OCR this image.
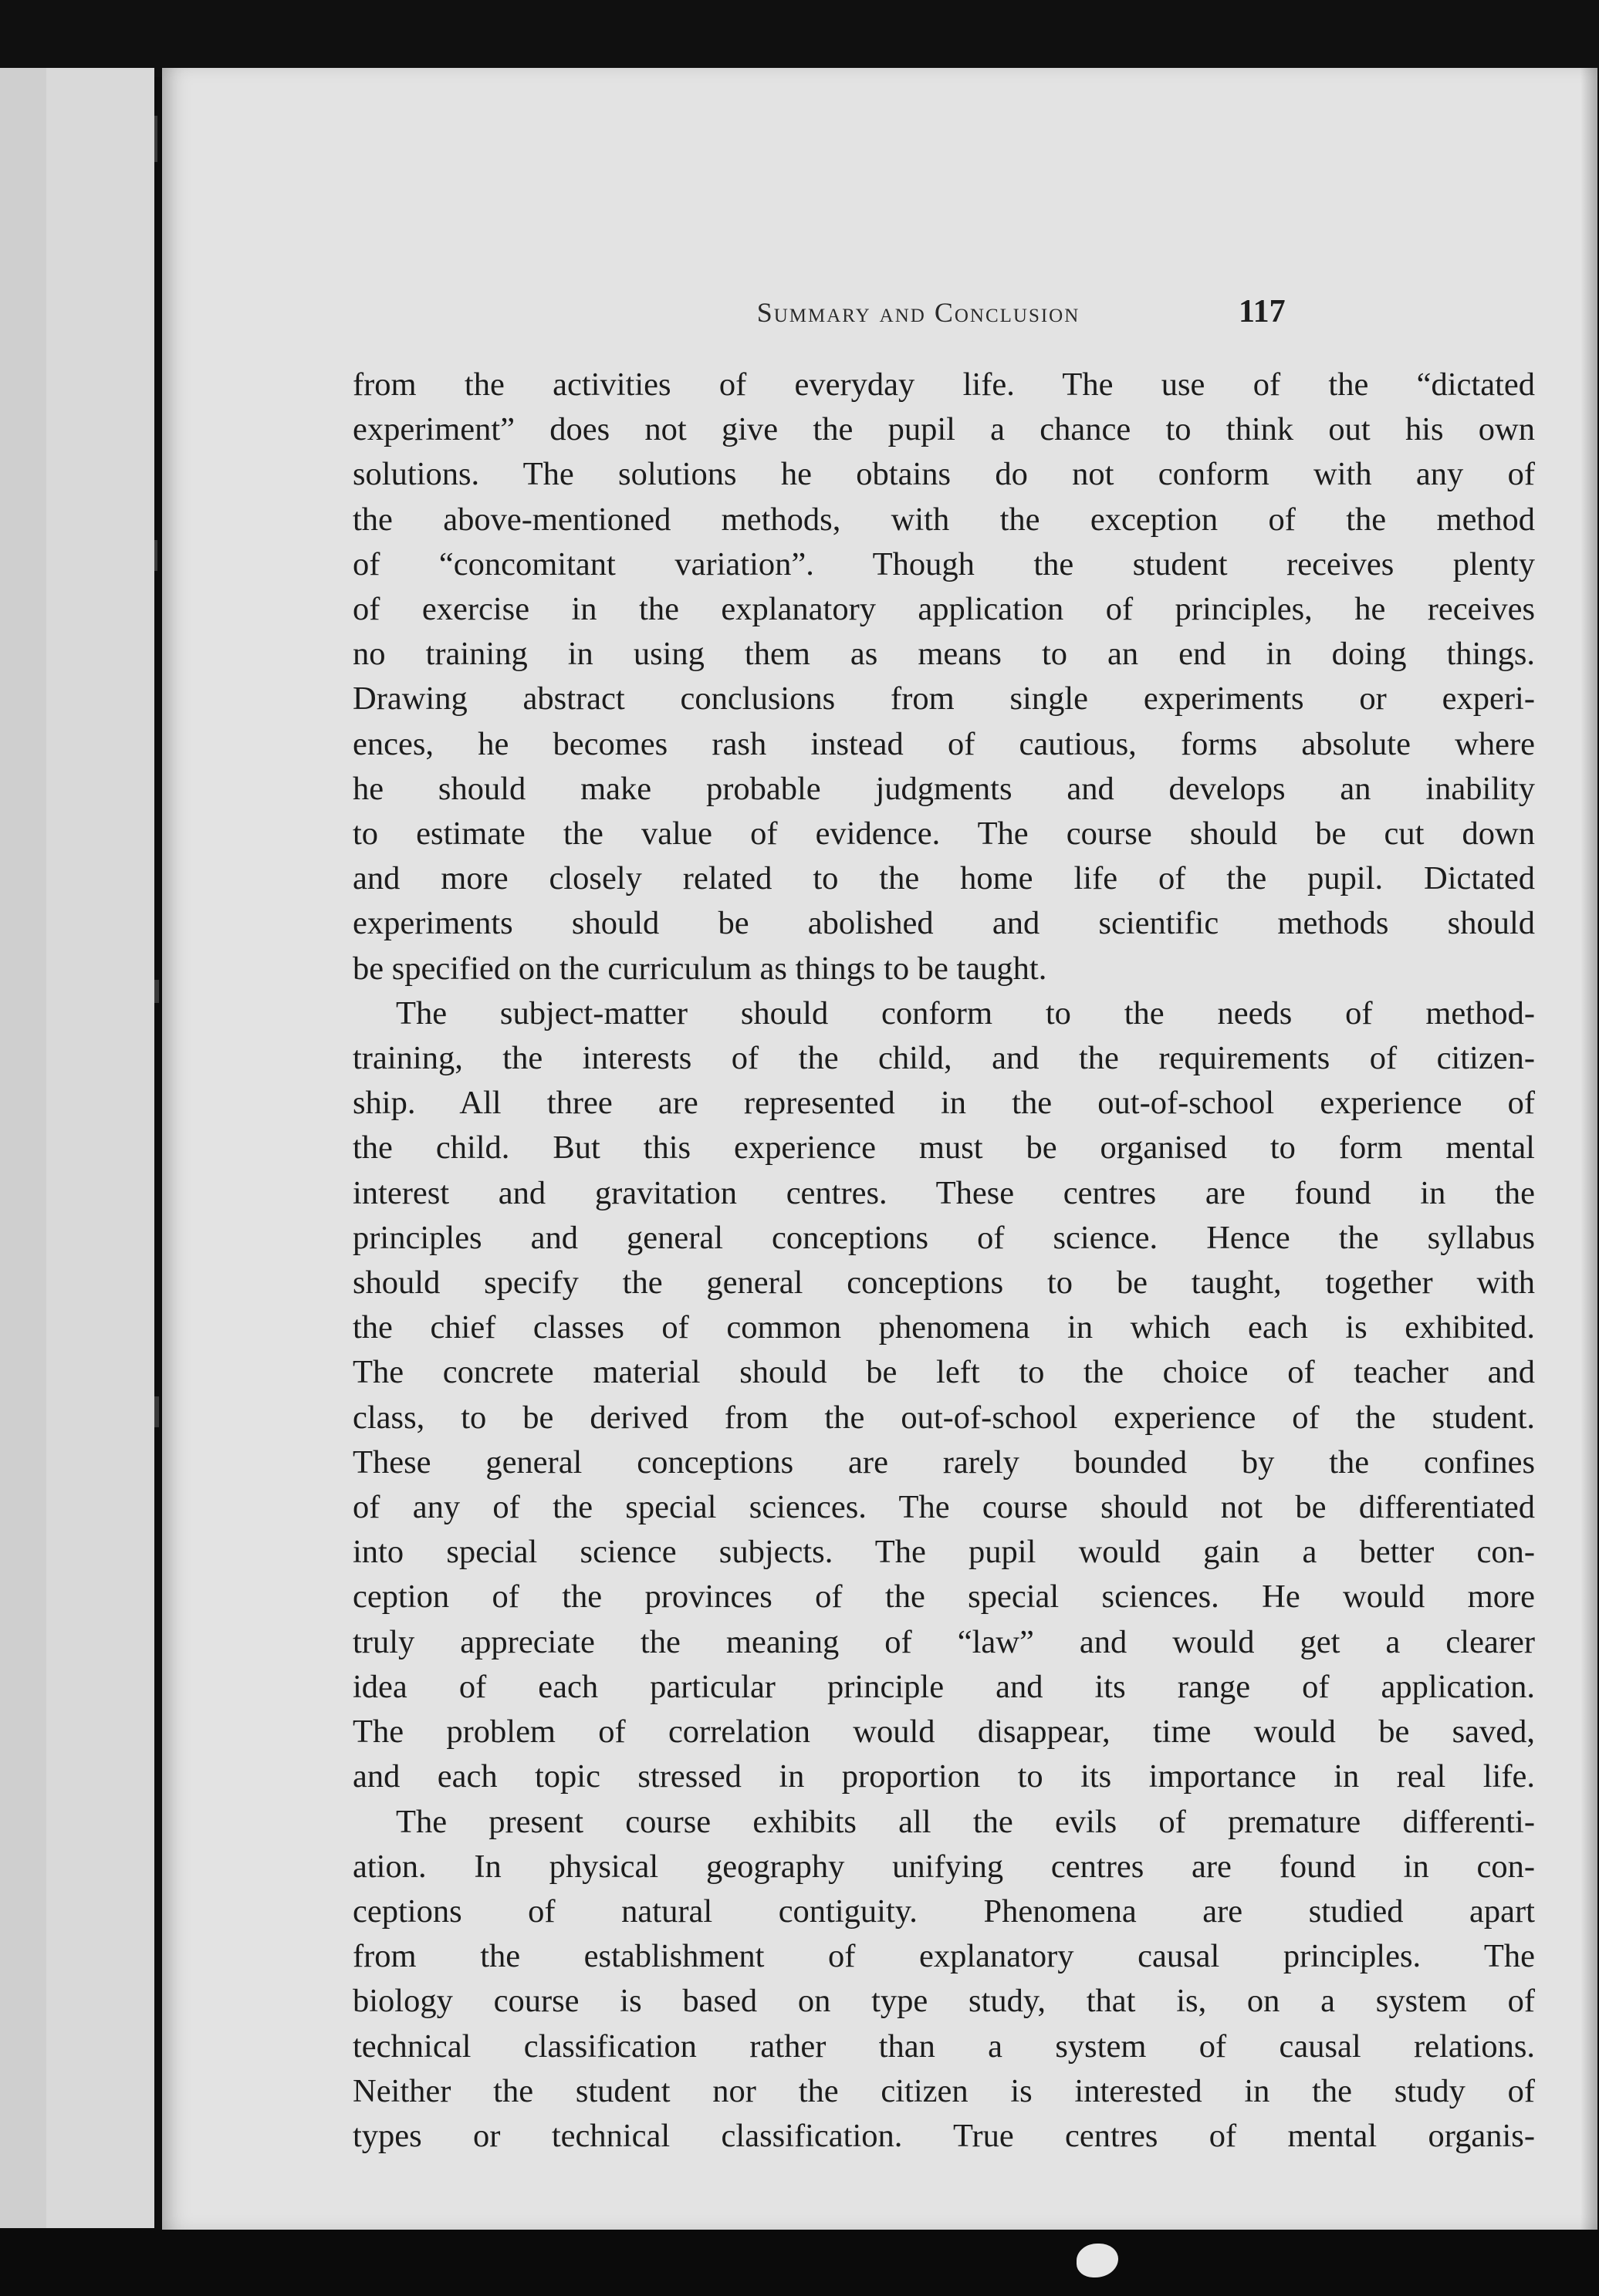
Summary and Conclusion	117
from the activities of everyday life. The use of the “dictated
experiment” does not give the pupil a chance to think out his own
solutions. The solutions he obtains do not conform with any of
the above-mentioned methods, with the exception of the method
of “concomitant variation”. Though the student receives plenty
of exercise in the explanatory application of principles, he receives
no training in using them as means to an end in doing things.
Drawing abstract conclusions from single experiments or experi-
ences, he becomes rash instead of cautious, forms absolute where
he should make probable judgments and develops an inability
to estimate the value of evidence. The course should be cut down
and more closely related to the home life of the pupil. Dictated
experiments should be abolished and scientific methods should
be specified on the curriculum as things to be taught.
The subject-matter should conform to the needs of method-
training, the interests of the child, and the requirements of citizen-
ship. All three are represented in the out-of-school experience of
the child. But this experience must be organised to form mental
interest and gravitation centres. These centres are found in the
principles and general conceptions of science. Hence the syllabus
should specify the general conceptions to be taught, together with
the chief classes of common phenomena in which each is exhibited.
The concrete material should be left to the choice of teacher and
class, to be derived from the out-of-school experience of the student.
These general conceptions are rarely bounded by the confines
of any of the special sciences. The course should not be differentiated
into special science subjects. The pupil would gain a better con-
ception of the provinces of the special sciences. He would more
truly appreciate the meaning of “law” and would get a clearer
idea of each particular principle and its range of application.
The problem of correlation would disappear, time would be saved,
and each topic stressed in proportion to its importance in real life.
The present course exhibits all the evils of premature differenti-
ation. In physical geography unifying centres are found in con-
ceptions of natural contiguity. Phenomena are studied apart
from the establishment of explanatory causal principles. The
biology course is based on type study, that is, on a system of
technical classification rather than a system of causal relations.
Neither the student nor the citizen is interested in the study of
types or technical classification. True centres of mental organis-
